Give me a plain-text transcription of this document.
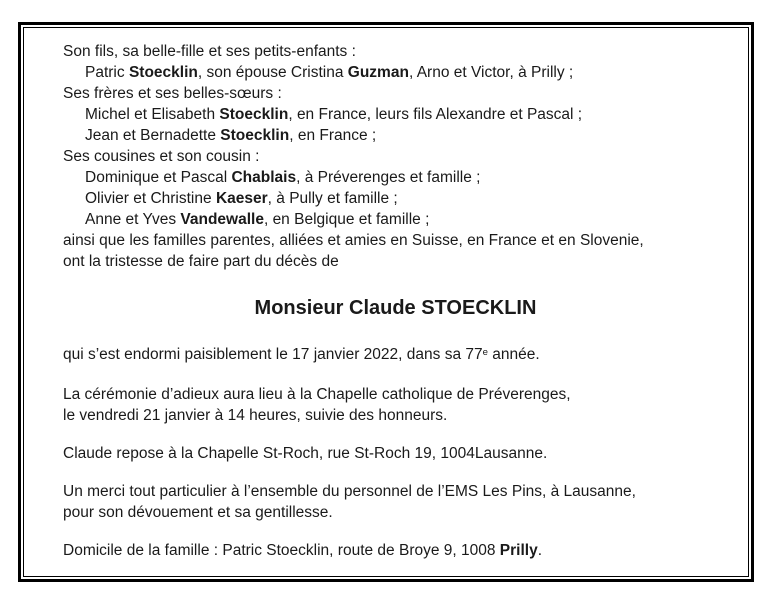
Son fils, sa belle-fille et ses petits-enfants :
Patric Stoecklin, son épouse Cristina Guzman, Arno et Victor, à Prilly ;
Ses frères et ses belles-sœurs :
Michel et Elisabeth Stoecklin, en France, leurs fils Alexandre et Pascal ;
Jean et Bernadette Stoecklin, en France ;
Ses cousines et son cousin :
Dominique et Pascal Chablais, à Préverenges et famille ;
Olivier et Christine Kaeser, à Pully et famille ;
Anne et Yves Vandewalle, en Belgique et famille ;
ainsi que les familles parentes, alliées et amies en Suisse, en France et en Slovenie,
ont la tristesse de faire part du décès de
Monsieur Claude STOECKLIN
qui s’est endormi paisiblement le 17 janvier 2022, dans sa 77e année.
La cérémonie d’adieux aura lieu à la Chapelle catholique de Préverenges,
le vendredi 21 janvier à 14 heures, suivie des honneurs.
Claude repose à la Chapelle St-Roch, rue St-Roch 19, 1004Lausanne.
Un merci tout particulier à l’ensemble du personnel de l’EMS Les Pins, à Lausanne,
pour son dévouement et sa gentillesse.
Domicile de la famille : Patric Stoecklin, route de Broye 9, 1008 Prilly.
